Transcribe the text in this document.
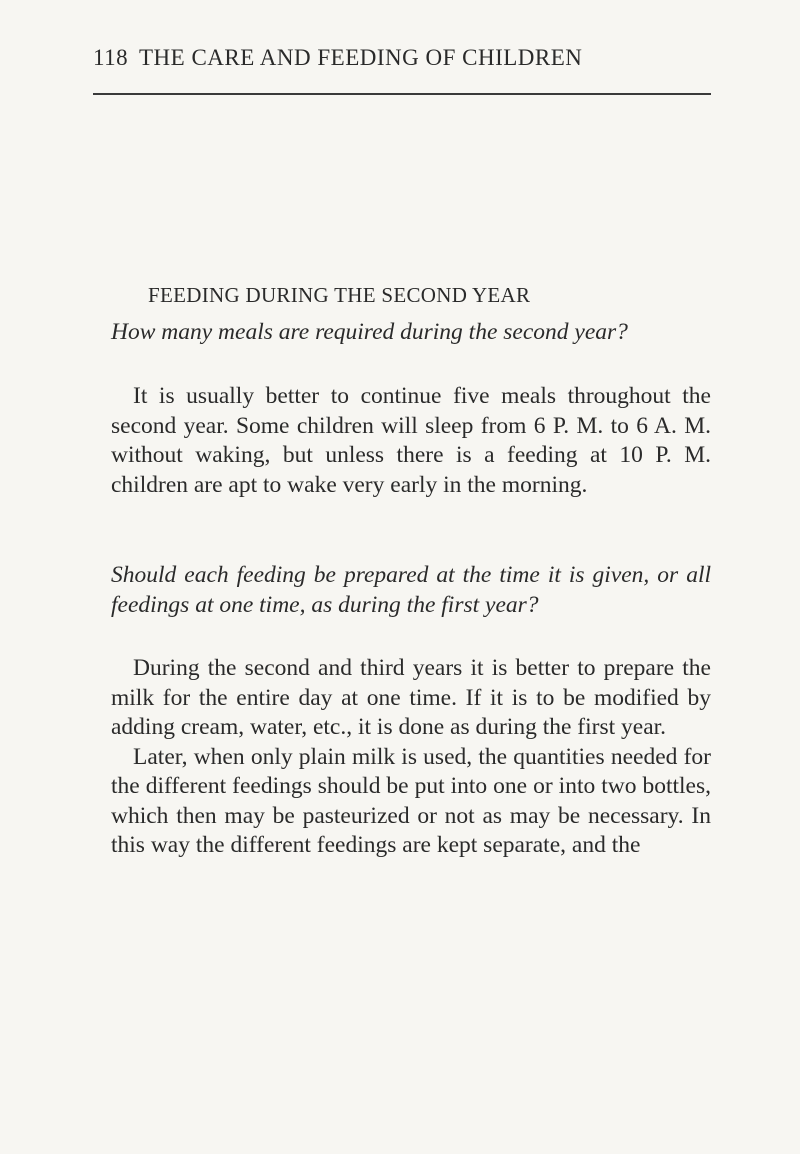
118 THE CARE AND FEEDING OF CHILDREN
FEEDING DURING THE SECOND YEAR

How many meals are required during the second year?

It is usually better to continue five meals throughout the second year. Some children will sleep from 6 P. M. to 6 A. M. without waking, but unless there is a feeding at 10 P. M. children are apt to wake very early in the morning.

Should each feeding be prepared at the time it is given, or all feedings at one time, as during the first year?

During the second and third years it is better to prepare the milk for the entire day at one time. If it is to be modified by adding cream, water, etc., it is done as during the first year.

Later, when only plain milk is used, the quantities needed for the different feedings should be put into one or into two bottles, which then may be pasteurized or not as may be necessary. In this way the different feedings are kept separate, and the
